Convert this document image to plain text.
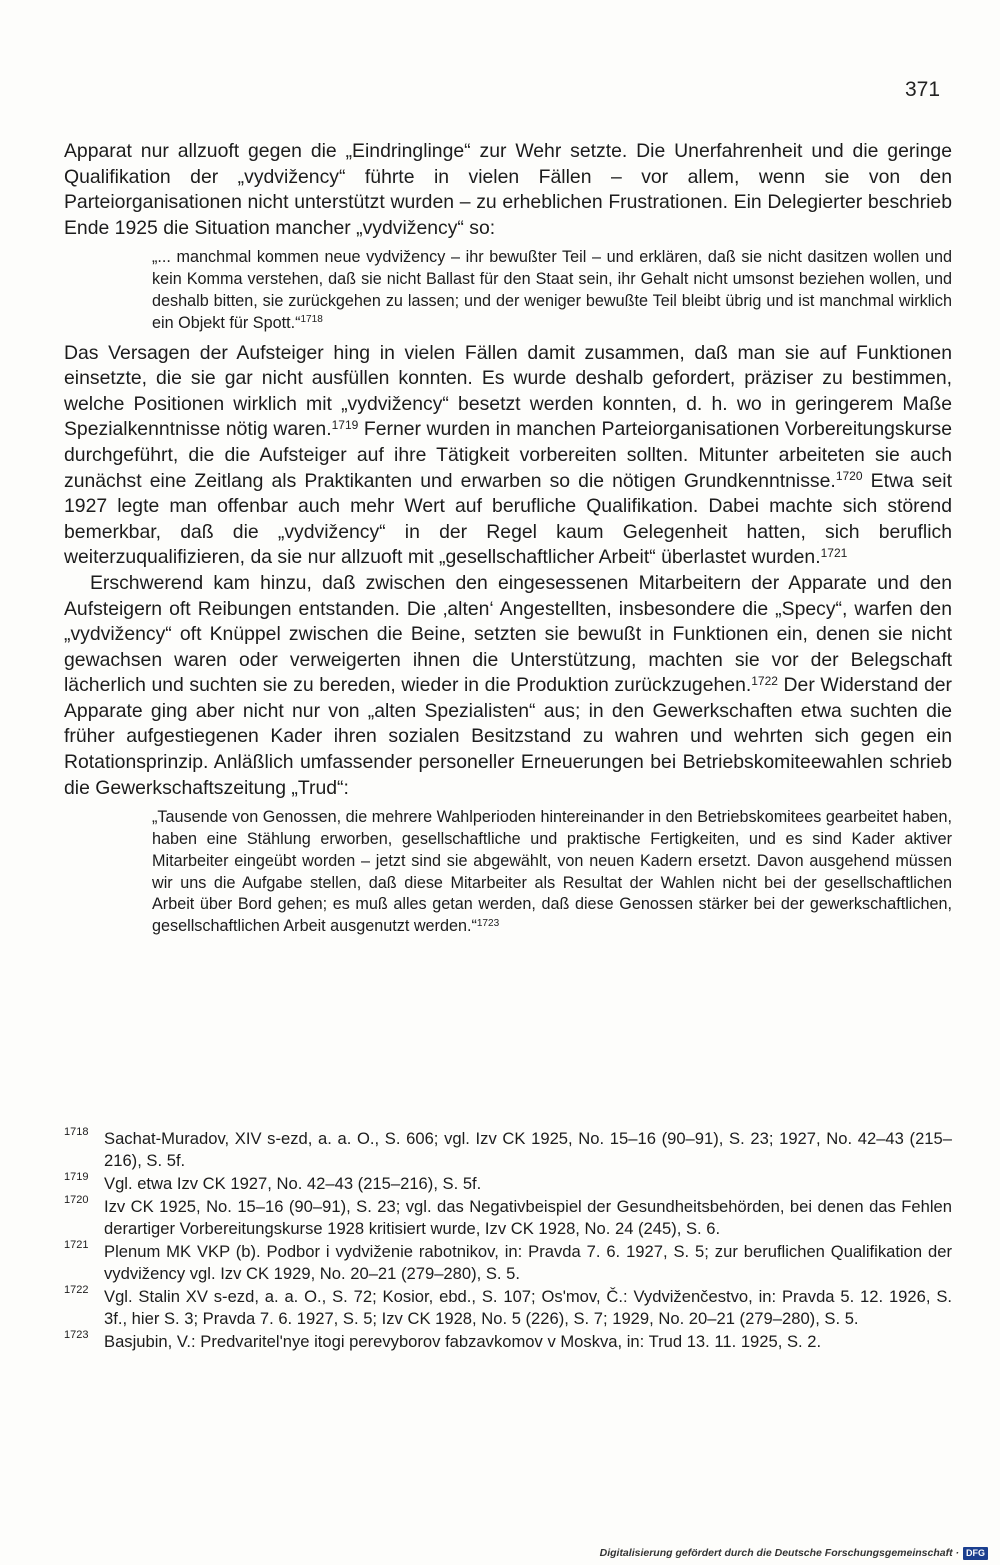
371

Apparat nur allzuoft gegen die „Eindringlinge“ zur Wehr setzte. Die Unerfahrenheit und die geringe Qualifikation der „vydvižency“ führte in vielen Fällen – vor allem, wenn sie von den Parteiorganisationen nicht unterstützt wurden – zu erheblichen Frustrationen. Ein Delegierter beschrieb Ende 1925 die Situation mancher „vydvižency“ so:

„... manchmal kommen neue vydvižency – ihr bewußter Teil – und erklären, daß sie nicht dasitzen wollen und kein Komma verstehen, daß sie nicht Ballast für den Staat sein, ihr Gehalt nicht umsonst beziehen wollen, und deshalb bitten, sie zurückgehen zu lassen; und der weniger bewußte Teil bleibt übrig und ist manchmal wirklich ein Objekt für Spott.“$^{1718}$

Das Versagen der Aufsteiger hing in vielen Fällen damit zusammen, daß man sie auf Funktionen einsetzte, die sie gar nicht ausfüllen konnten. Es wurde deshalb gefordert, präziser zu bestimmen, welche Positionen wirklich mit „vydvižency“ besetzt werden konnten, d. h. wo in geringerem Maße Spezialkenntnisse nötig waren.$^{1719}$ Ferner wurden in manchen Parteiorganisationen Vorbereitungskurse durchgeführt, die die Aufsteiger auf ihre Tätigkeit vorbereiten sollten. Mitunter arbeiteten sie auch zunächst eine Zeitlang als Praktikanten und erwarben so die nötigen Grundkenntnisse.$^{1720}$ Etwa seit 1927 legte man offenbar auch mehr Wert auf berufliche Qualifikation. Dabei machte sich störend bemerkbar, daß die „vydvižency“ in der Regel kaum Gelegenheit hatten, sich beruflich weiterzuqualifizieren, da sie nur allzuoft mit „gesellschaftlicher Arbeit“ überlastet wurden.$^{1721}$

Erschwerend kam hinzu, daß zwischen den eingesessenen Mitarbeitern der Apparate und den Aufsteigern oft Reibungen entstanden. Die ‚alten‘ Angestellten, insbesondere die „Specy“, warfen den „vydvižency“ oft Knüppel zwischen die Beine, setzten sie bewußt in Funktionen ein, denen sie nicht gewachsen waren oder verweigerten ihnen die Unterstützung, machten sie vor der Belegschaft lächerlich und suchten sie zu bereden, wieder in die Produktion zurückzugehen.$^{1722}$ Der Widerstand der Apparate ging aber nicht nur von „alten Spezialisten“ aus; in den Gewerkschaften etwa suchten die früher aufgestiegenen Kader ihren sozialen Besitzstand zu wahren und wehrten sich gegen ein Rotationsprinzip. Anläßlich umfassender personeller Erneuerungen bei Betriebskomiteewahlen schrieb die Gewerkschaftszeitung „Trud“:

„Tausende von Genossen, die mehrere Wahlperioden hintereinander in den Betriebskomitees gearbeitet haben, haben eine Stählung erworben, gesellschaftliche und praktische Fertigkeiten, und es sind Kader aktiver Mitarbeiter eingeübt worden – jetzt sind sie abgewählt, von neuen Kadern ersetzt. Davon ausgehend müssen wir uns die Aufgabe stellen, daß diese Mitarbeiter als Resultat der Wahlen nicht bei der gesellschaftlichen Arbeit über Bord gehen; es muß alles getan werden, daß diese Genossen stärker bei der gewerkschaftlichen, gesellschaftlichen Arbeit ausgenutzt werden.“$^{1723}$
1718 Sachat-Muradov, XIV s-ezd, a. a. O., S. 606; vgl. Izv CK 1925, No. 15–16 (90–91), S. 23; 1927, No. 42–43 (215–216), S. 5f.
1719 Vgl. etwa Izv CK 1927, No. 42–43 (215–216), S. 5f.
1720 Izv CK 1925, No. 15–16 (90–91), S. 23; vgl. das Negativbeispiel der Gesundheitsbehörden, bei denen das Fehlen derartiger Vorbereitungskurse 1928 kritisiert wurde, Izv CK 1928, No. 24 (245), S. 6.
1721 Plenum MK VKP (b). Podbor i vydviženie rabotnikov, in: Pravda 7. 6. 1927, S. 5; zur beruflichen Qualifikation der vydvižency vgl. Izv CK 1929, No. 20–21 (279–280), S. 5.
1722 Vgl. Stalin XV s-ezd, a. a. O., S. 72; Kosior, ebd., S. 107; Os'mov, Č.: Vydviženčestvo, in: Pravda 5. 12. 1926, S. 3f., hier S. 3; Pravda 7. 6. 1927, S. 5; Izv CK 1928, No. 5 (226), S. 7; 1929, No. 20–21 (279–280), S. 5.
1723 Basjubin, V.: Predvaritel'nye itogi perevyborov fabzavkomov v Moskva, in: Trud 13. 11. 1925, S. 2.
Digitalisierung gefördert durch die Deutsche Forschungsgemeinschaft · DFG
